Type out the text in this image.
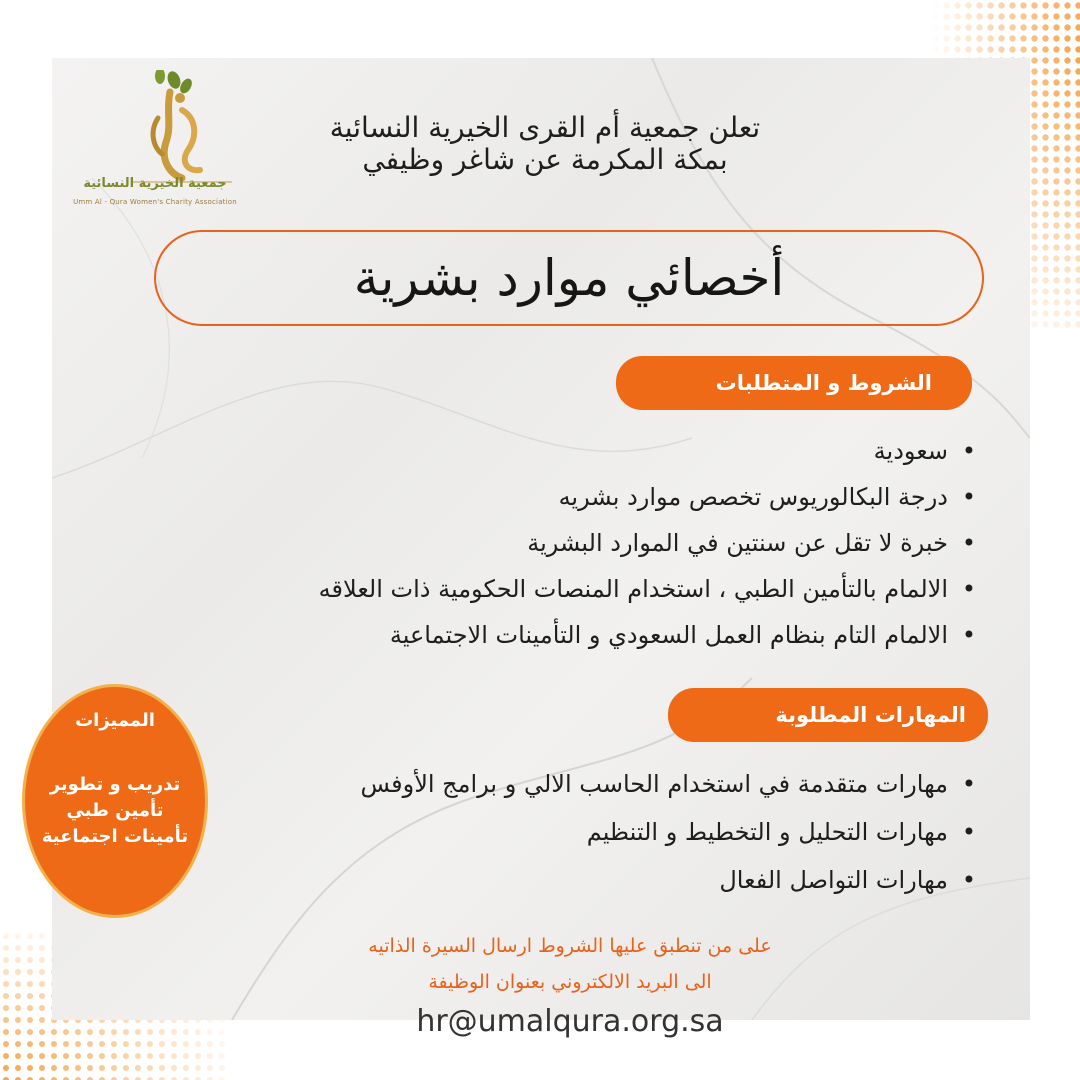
جمعية الخيرية النسائية
Umm Al - Qura Women's Charity Association
تعلن جمعية أم القرى الخيرية النسائية
بمكة المكرمة عن شاغر وظيفي
أخصائي موارد بشرية
الشروط و المتطلبات
• سعودية
• درجة البكالوريوس تخصص موارد بشريه
• خبرة لا تقل عن سنتين في الموارد البشرية
• الالمام بالتأمين الطبي ، استخدام المنصات الحكومية ذات العلاقه
• الالمام التام بنظام العمل السعودي و التأمينات الاجتماعية
المهارات المطلوبة
• مهارات متقدمة في استخدام الحاسب الالي و برامج الأوفس
• مهارات التحليل و التخطيط و التنظيم
• مهارات التواصل الفعال
المميزات
تدريب و تطوير
تأمين طبي
تأمينات اجتماعية
على من تنطبق عليها الشروط ارسال السيرة الذاتيه
الى البريد الالكتروني بعنوان الوظيفة
hr@umalqura.org.sa
